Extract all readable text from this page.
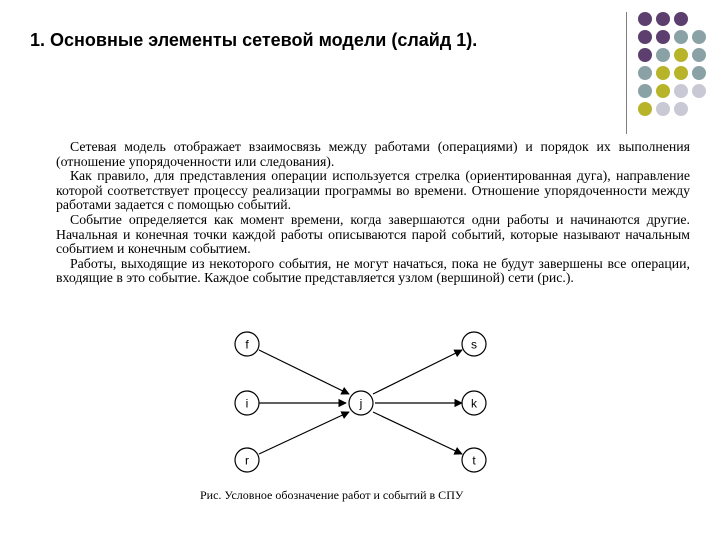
1. Основные элементы сетевой модели (слайд 1).

Сетевая модель отображает взаимосвязь между работами (операциями) и порядок их выполнения (отношение упорядоченности или следования).

Как правило, для представления операции используется стрелка (ориентированная дуга), направление которой соответствует процессу реализации программы во времени. Отношение упорядоченности между работами задается с помощью событий.

Событие определяется как момент времени, когда завершаются одни работы и начинаются другие. Начальная и конечная точки каждой работы описываются парой событий, которые называют начальным событием и конечным событием.

Работы, выходящие из некоторого события, не могут начаться, пока не будут завершены все операции, входящие в это событие. Каждое событие представляется узлом (вершиной) сети (рис.).

f
i
r
j
s
k
t
Рис. Условное обозначение работ и событий в СПУ
